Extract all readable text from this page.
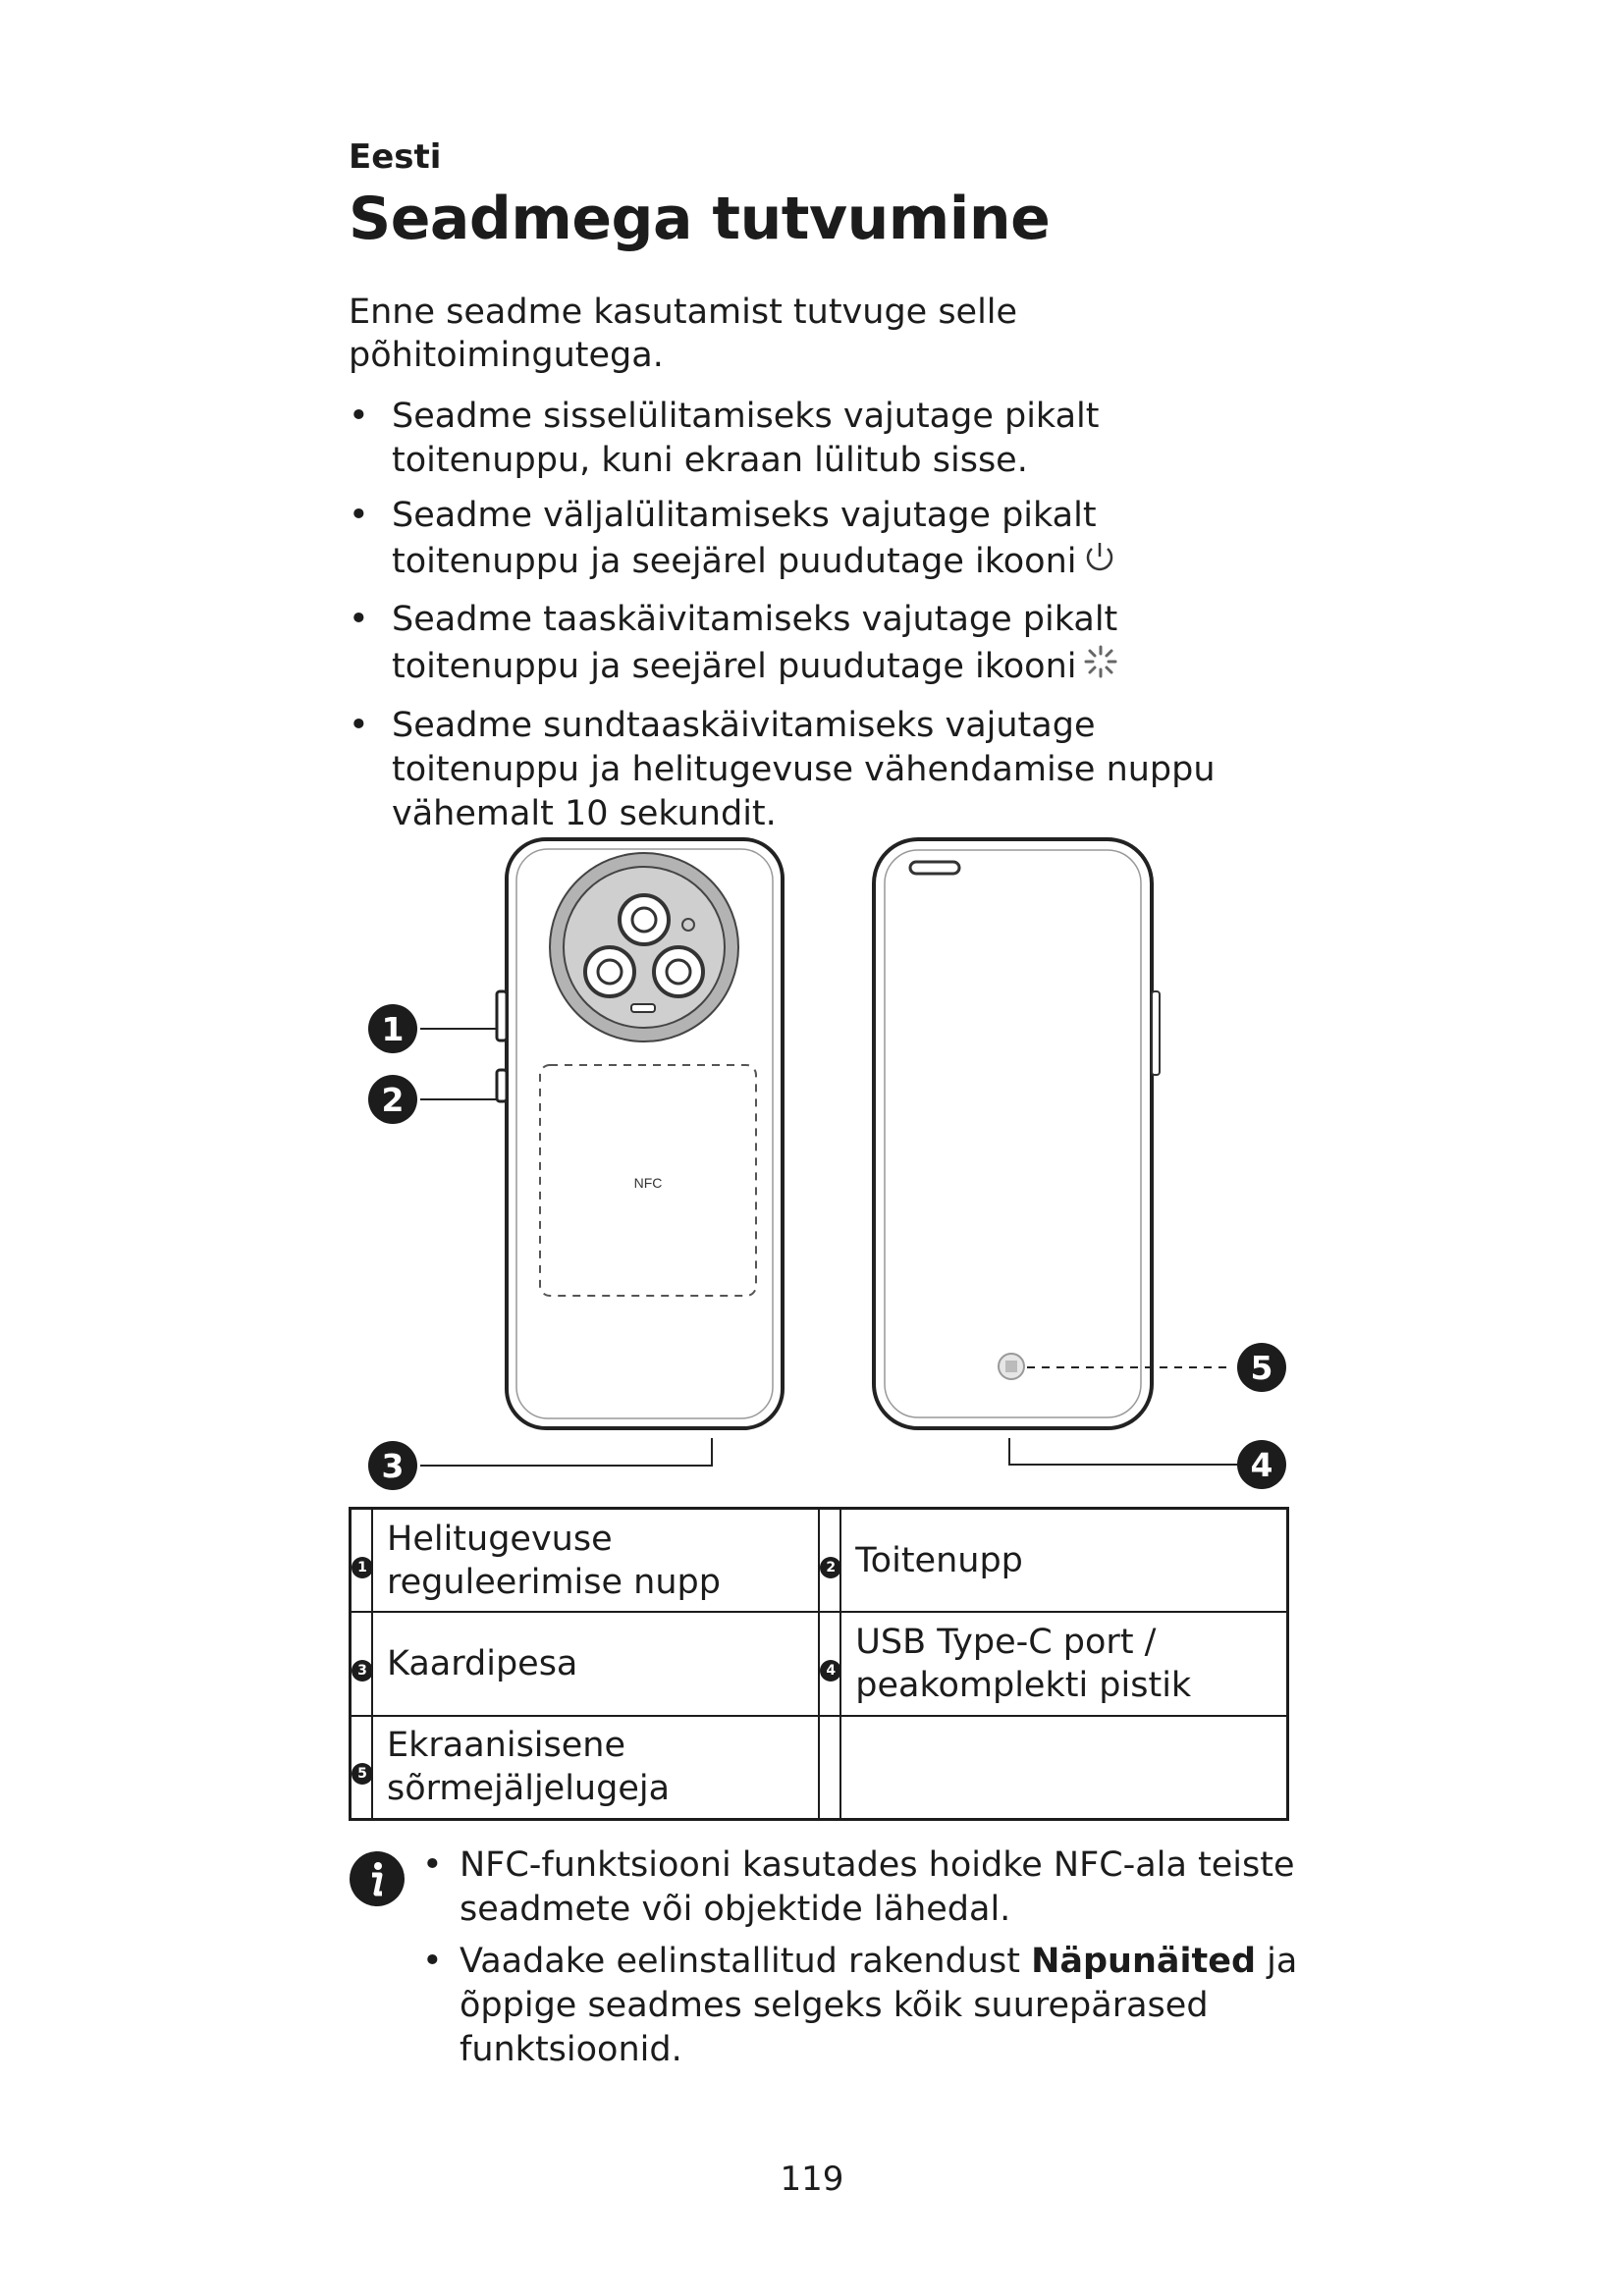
Eesti
Seadmega tutvumine
Enne seadme kasutamist tutvuge selle põhitoimingutega.
• Seadme sisselülitamiseks vajutage pikalt toitenuppu, kuni ekraan lülitub sisse.
• Seadme väljalülitamiseks vajutage pikalt toitenuppu ja seejärel puudutage ikooni
• Seadme taaskäivitamiseks vajutage pikalt toitenuppu ja seejärel puudutage ikooni
• Seadme sundtaaskäivitamiseks vajutage toitenuppu ja helitugevuse vähendamise nuppu vähemalt 10 sekundit.
NFC
1
2
3	4
5
1	Helitugevuse reguleerimise nupp	2	Toitenupp
3	Kaardipesa	4	USB Type-C port / peakomplekti pistik
5	Ekraanisisene sõrmejäljelugeja		
• NFC-funktsiooni kasutades hoidke NFC-ala teiste seadmete või objektide lähedal.
• Vaadake eelinstallitud rakendust Näpunäited ja õppige seadmes selgeks kõik suurepärased funktsioonid.
119
